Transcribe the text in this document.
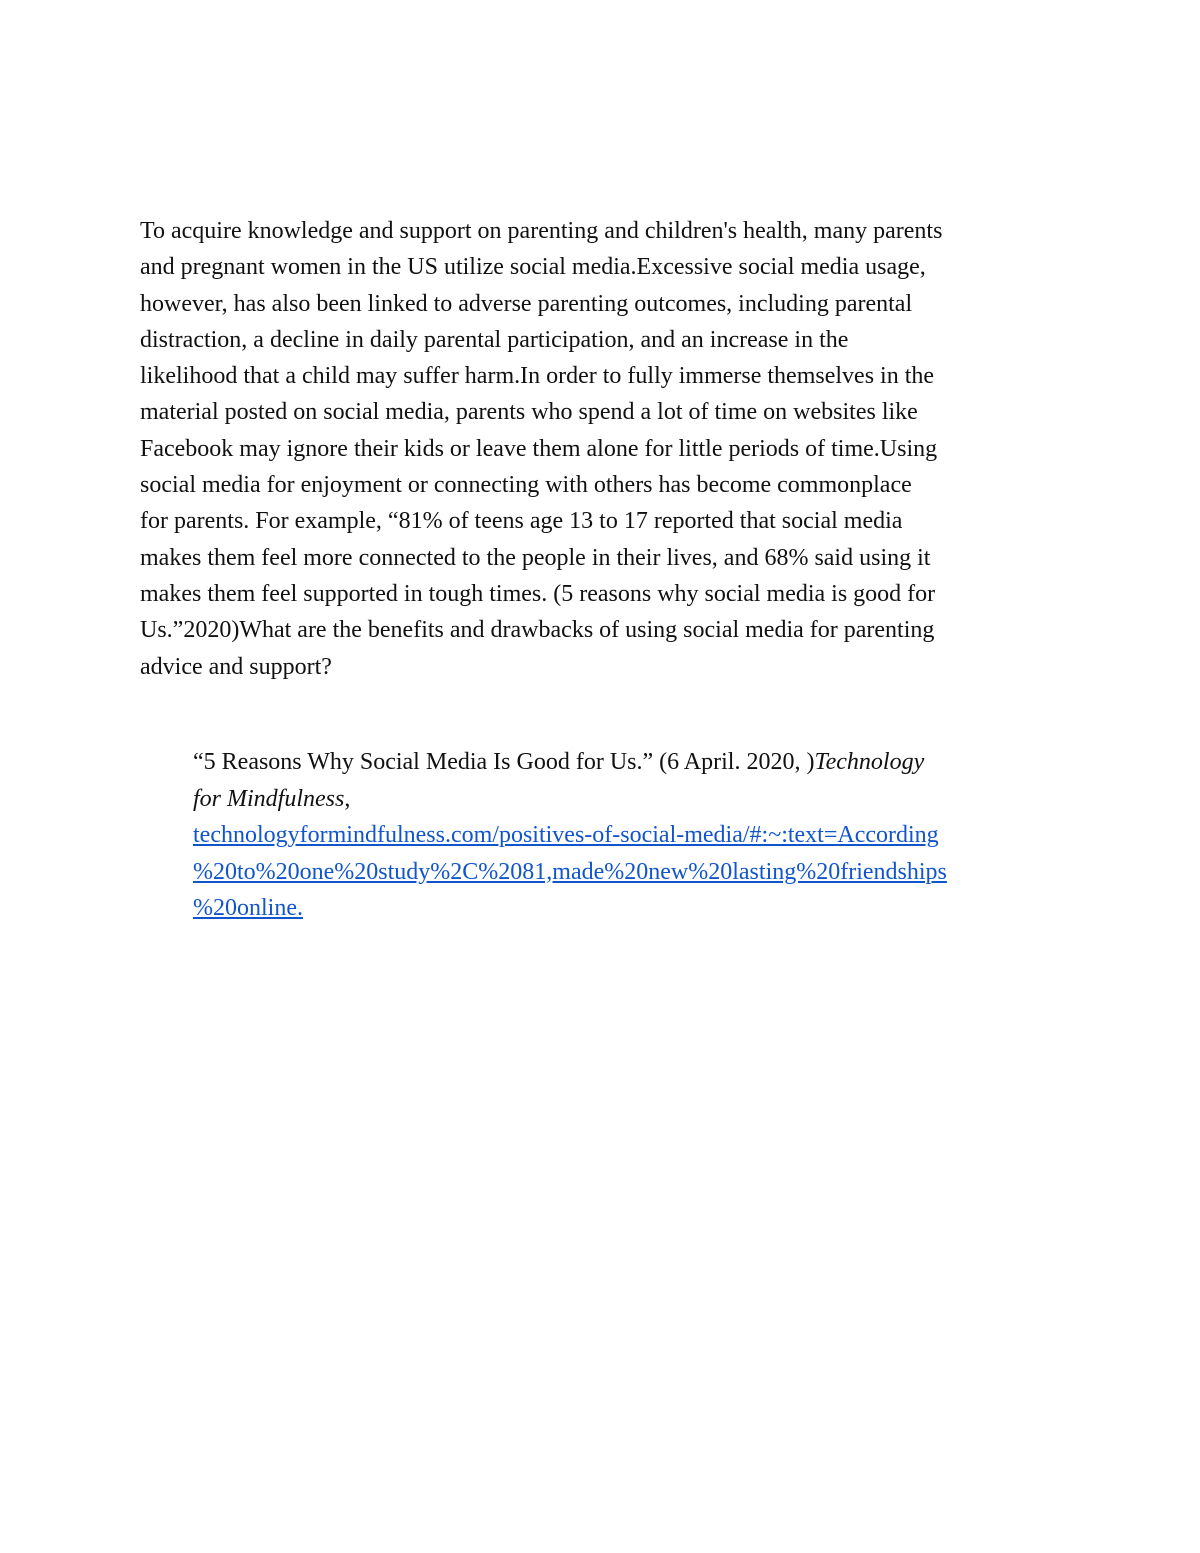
To acquire knowledge and support on parenting and children's health, many parents
and pregnant women in the US utilize social media.Excessive social media usage,
however, has also been linked to adverse parenting outcomes, including parental
distraction, a decline in daily parental participation, and an increase in the
likelihood that a child may suffer harm.In order to fully immerse themselves in the
material posted on social media, parents who spend a lot of time on websites like
Facebook may ignore their kids or leave them alone for little periods of time.Using
social media for enjoyment or connecting with others has become commonplace
for parents. For example, “81% of teens age 13 to 17 reported that social media
makes them feel more connected to the people in their lives, and 68% said using it
makes them feel supported in tough times. (5 reasons why social media is good for
Us.”2020)What are the benefits and drawbacks of using social media for parenting
advice and support?

“5 Reasons Why Social Media Is Good for Us.” (6 April. 2020, )Technology
for Mindfulness,
technologyformindfulness.com/positives-of-social-media/#:~:text=According
%20to%20one%20study%2C%2081,made%20new%20lasting%20friendships
%20online.
